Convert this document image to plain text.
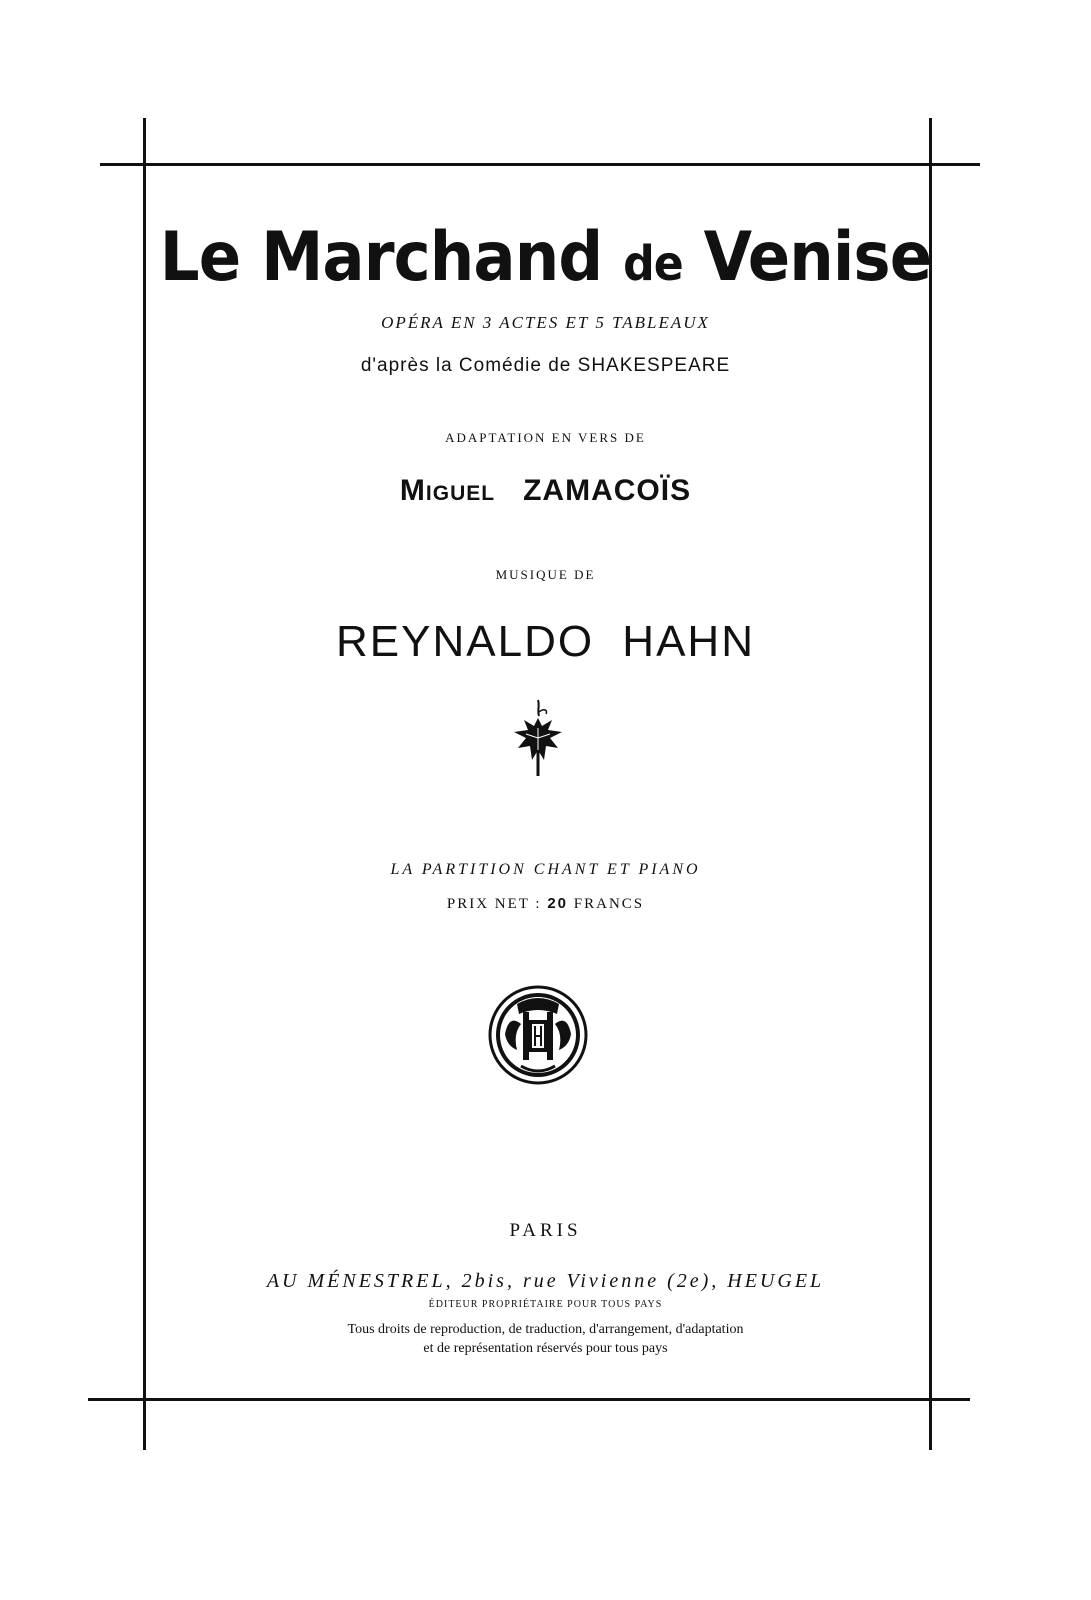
Le Marchand de Venise
OPÉRA EN 3 ACTES ET 5 TABLEAUX
d'après la Comédie de SHAKESPEARE
ADAPTATION EN VERS DE
MIGUEL ZAMACOÏS
MUSIQUE DE
REYNALDO HAHN
LA PARTITION CHANT ET PIANO
PRIX NET : 20 FRANCS
PARIS
AU MÉNESTREL, 2bis, rue Vivienne (2e), HEUGEL
ÉDITEUR PROPRIÉTAIRE POUR TOUS PAYS
Tous droits de reproduction, de traduction, d'arrangement, d'adaptation
et de représentation réservés pour tous pays
